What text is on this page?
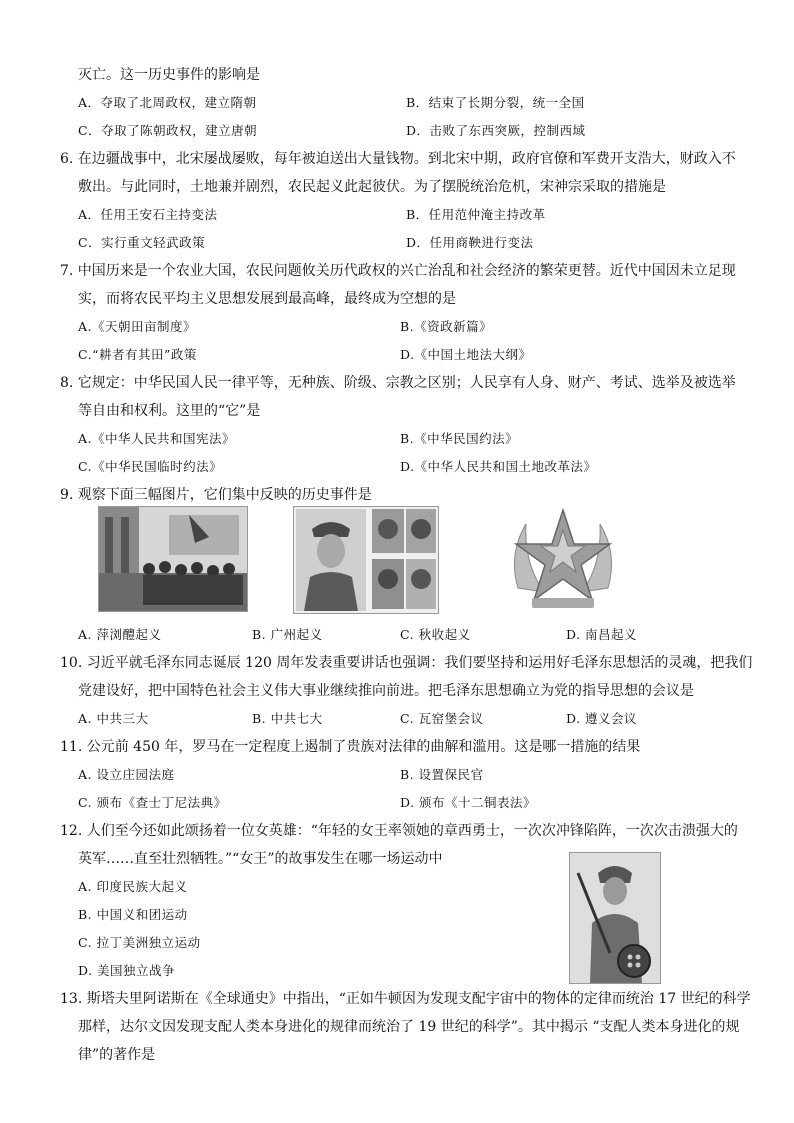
灭亡。这一历史事件的影响是
A．夺取了北周政权，建立隋朝	B．结束了长期分裂，统一全国
C．夺取了陈朝政权，建立唐朝	D．击败了东西突厥，控制西域
6. 在边疆战事中，北宋屡战屡败，每年被迫送出大量钱物。到北宋中期，政府官僚和军费开支浩大，财政入不
敷出。与此同时，土地兼并剧烈，农民起义此起彼伏。为了摆脱统治危机，宋神宗采取的措施是
A．任用王安石主持变法	B．任用范仲淹主持改革
C．实行重文轻武政策	D．任用商鞅进行变法
7. 中国历来是一个农业大国，农民问题攸关历代政权的兴亡治乱和社会经济的繁荣更替。近代中国因未立足现
实，而将农民平均主义思想发展到最高峰，最终成为空想的是
A.《天朝田亩制度》	B.《资政新篇》
C.“耕者有其田”政策	D.《中国土地法大纲》
8. 它规定：中华民国人民一律平等，无种族、阶级、宗教之区别；人民享有人身、财产、考试、选举及被选举
等自由和权利。这里的“它”是
A.《中华人民共和国宪法》	B.《中华民国约法》
C.《中华民国临时约法》	D.《中华人民共和国土地改革法》
9. 观察下面三幅图片，它们集中反映的历史事件是
A. 萍浏醴起义	B. 广州起义	C. 秋收起义	D. 南昌起义
10. 习近平就毛泽东同志诞辰 120 周年发表重要讲话也强调：我们要坚持和运用好毛泽东思想活的灵魂，把我们
党建设好，把中国特色社会主义伟大事业继续推向前进。把毛泽东思想确立为党的指导思想的会议是
A. 中共三大	B. 中共七大	C. 瓦窑堡会议	D. 遵义会议
11. 公元前 450 年，罗马在一定程度上遏制了贵族对法律的曲解和滥用。这是哪一措施的结果
A. 设立庄园法庭	B. 设置保民官
C. 颁布《查士丁尼法典》	D. 颁布《十二铜表法》
12. 人们至今还如此颂扬着一位女英雄：“年轻的女王率领她的章西勇士，一次次冲锋陷阵，一次次击溃强大的
英军……直至壮烈牺牲。”“女王”的故事发生在哪一场运动中
A. 印度民族大起义
B. 中国义和团运动
C. 拉丁美洲独立运动
D. 美国独立战争
13. 斯塔夫里阿诺斯在《全球通史》中指出，“正如牛顿因为发现支配宇宙中的物体的定律而统治 17 世纪的科学
那样，达尔文因发现支配人类本身进化的规律而统治了 19 世纪的科学”。其中揭示 “支配人类本身进化的规
律”的著作是
